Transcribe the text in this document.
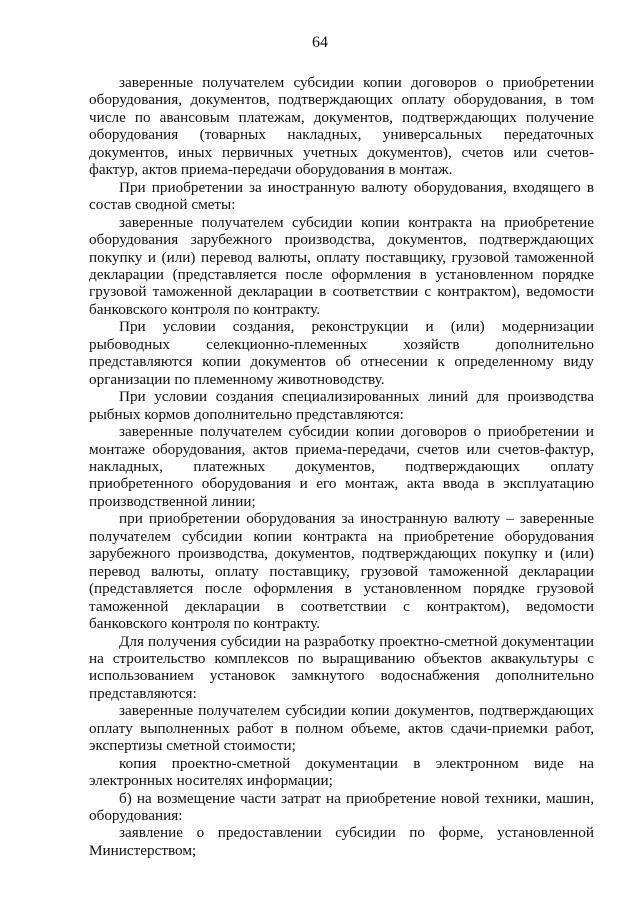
64

заверенные получателем субсидии копии договоров о приобретении оборудования, документов, подтверждающих оплату оборудования, в том числе по авансовым платежам, документов, подтверждающих получение оборудования (товарных накладных, универсальных передаточных документов, иных первичных учетных документов), счетов или счетов-фактур, актов приема-передачи оборудования в монтаж.

При приобретении за иностранную валюту оборудования, входящего в состав сводной сметы:

заверенные получателем субсидии копии контракта на приобретение оборудования зарубежного производства, документов, подтверждающих покупку и (или) перевод валюты, оплату поставщику, грузовой таможенной декларации (представляется после оформления в установленном порядке грузовой таможенной декларации в соответствии с контрактом), ведомости банковского контроля по контракту.

При условии создания, реконструкции и (или) модернизации рыбоводных селекционно-племенных хозяйств дополнительно представляются копии документов об отнесении к определенному виду организации по племенному животноводству.

При условии создания специализированных линий для производства рыбных кормов дополнительно представляются:

заверенные получателем субсидии копии договоров о приобретении и монтаже оборудования, актов приема-передачи, счетов или счетов-фактур, накладных, платежных документов, подтверждающих оплату приобретенного оборудования и его монтаж, акта ввода в эксплуатацию производственной линии;

при приобретении оборудования за иностранную валюту – заверенные получателем субсидии копии контракта на приобретение оборудования зарубежного производства, документов, подтверждающих покупку и (или) перевод валюты, оплату поставщику, грузовой таможенной декларации (представляется после оформления в установленном порядке грузовой таможенной декларации в соответствии с контрактом), ведомости банковского контроля по контракту.

Для получения субсидии на разработку проектно-сметной документации на строительство комплексов по выращиванию объектов аквакультуры с использованием установок замкнутого водоснабжения дополнительно представляются:

заверенные получателем субсидии копии документов, подтверждающих оплату выполненных работ в полном объеме, актов сдачи-приемки работ, экспертизы сметной стоимости;

копия проектно-сметной документации в электронном виде на электронных носителях информации;

б) на возмещение части затрат на приобретение новой техники, машин, оборудования:

заявление о предоставлении субсидии по форме, установленной Министерством;
